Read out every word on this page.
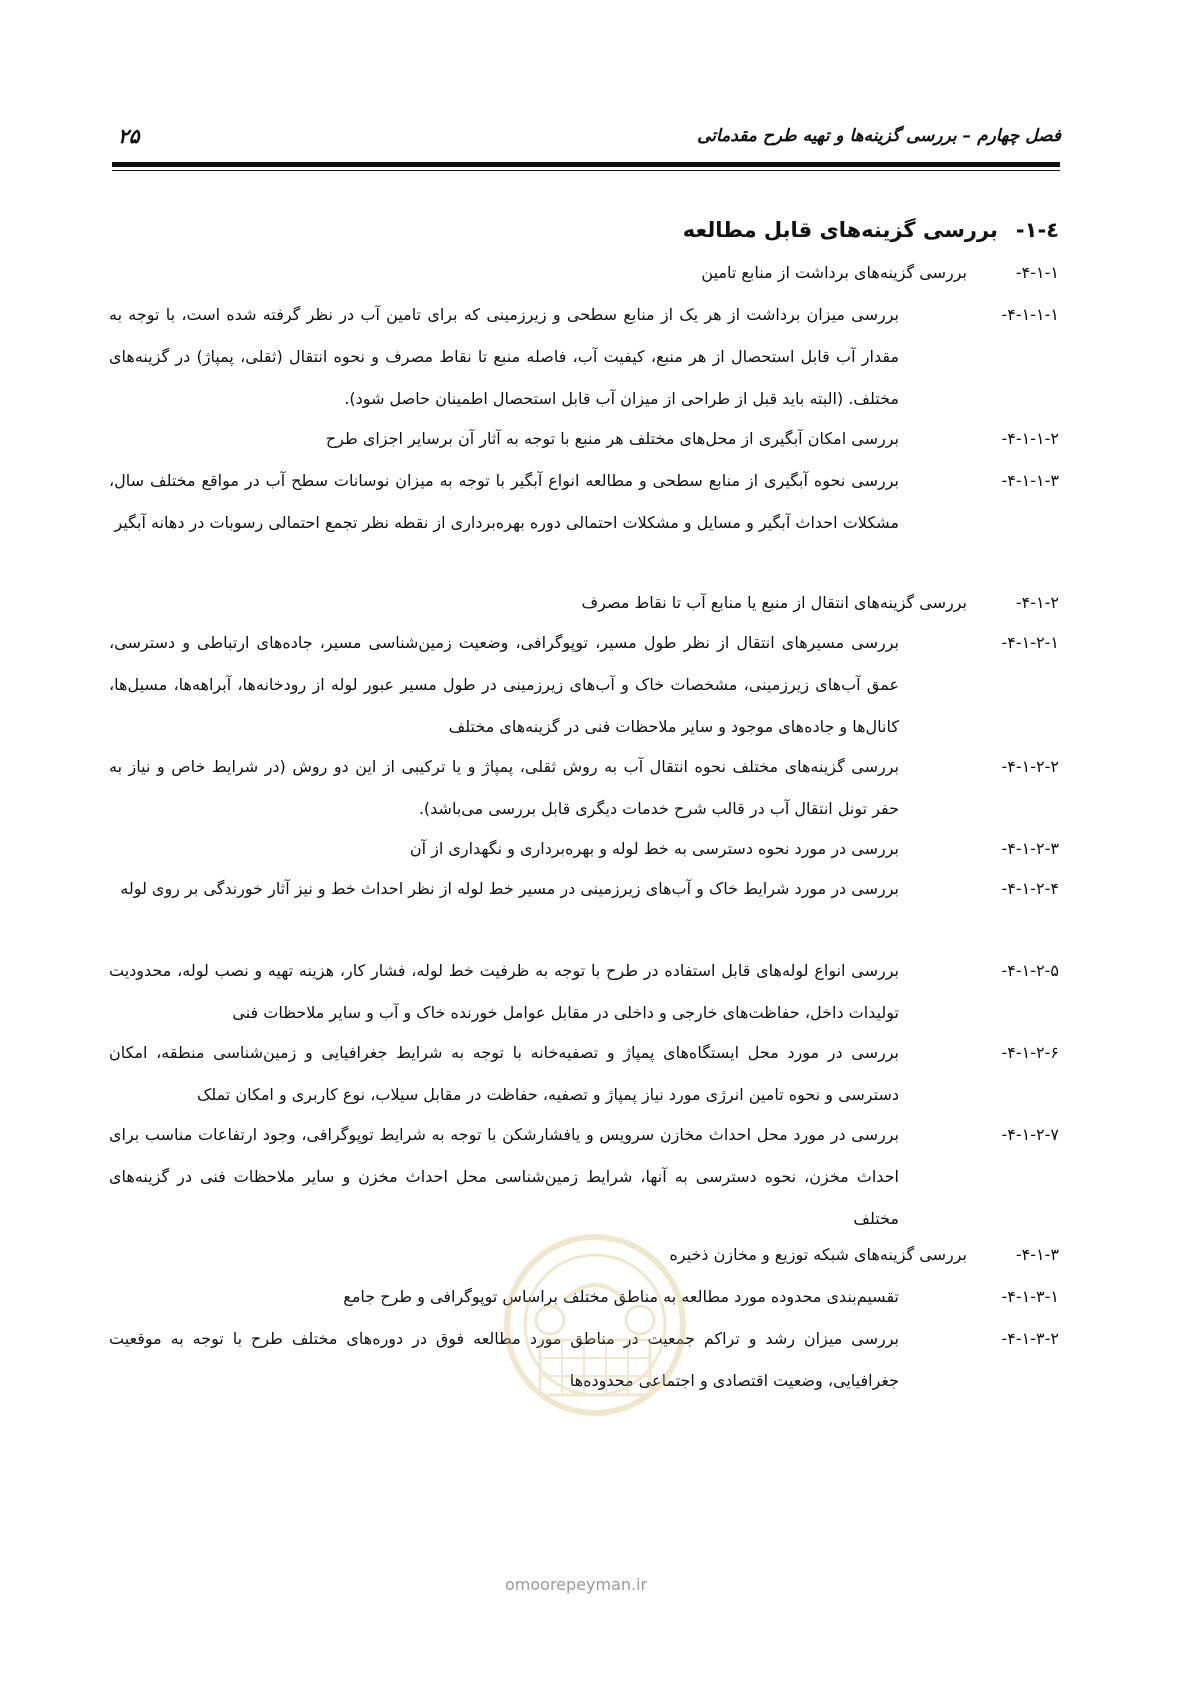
فصل چهارم – بررسی گزینه‌ها و تهیه طرح مقدماتی
۲۵
٤-١-بررسی گزینه‌های قابل مطالعه
۴-۱-۱-
بررسی گزینه‌های برداشت از منابع تامین
۴-۱-۱-۱-
بررسی میزان برداشت از هر یک از منابع سطحی و زیرزمینی که برای تامین آب در نظر گرفته شده است، با توجه به مقدار آب قابل استحصال از هر منبع، کیفیت آب، فاصله منبع تا نقاط مصرف و نحوه انتقال (ثقلی، پمپاژ) در گزینه‌های مختلف. (البته باید قبل از طراحی از میزان آب قابل استحصال اطمینان حاصل شود).
۴-۱-۱-۲-
بررسی امکان آبگیری از محل‌های مختلف هر منبع با توجه به آثار آن برسایر اجزای طرح
۴-۱-۱-۳-
بررسی نحوه آبگیری از منابع سطحی و مطالعه انواع آبگیر با توجه به میزان نوسانات سطح آب در مواقع مختلف سال، مشکلات احداث آبگیر و مسایل و مشکلات احتمالی دوره بهره‌برداری از نقطه نظر تجمع احتمالی رسوبات در دهانه آبگیر
۴-۱-۲-
بررسی گزینه‌های انتقال از منبع یا منابع آب تا نقاط مصرف
۴-۱-۲-۱-
بررسی مسیرهای انتقال از نظر طول مسیر، توپوگرافی، وضعیت زمین‌شناسی مسیر، جاده‌های ارتباطی و دسترسی، عمق آب‌های زیرزمینی، مشخصات خاک و آب‌های زیرزمینی در طول مسیر عبور لوله از رودخانه‌ها، آبراهه‌ها، مسیل‌ها، کانال‌ها و جاده‌های موجود و سایر ملاحظات فنی در گزینه‌های مختلف
۴-۱-۲-۲-
بررسی گزینه‌های مختلف نحوه انتقال آب به روش ثقلی، پمپاژ و یا ترکیبی از این دو روش (در شرایط خاص و نیاز به حفر تونل انتقال آب در قالب شرح خدمات دیگری قابل بررسی می‌باشد).
۴-۱-۲-۳-
بررسی در مورد نحوه دسترسی به خط لوله و بهره‌برداری و نگهداری از آن
۴-۱-۲-۴-
بررسی در مورد شرایط خاک و آب‌های زیرزمینی در مسیر خط لوله از نظر احداث خط و نیز آثار خورندگی بر روی لوله
۴-۱-۲-۵-
بررسی انواع لوله‌های قابل استفاده در طرح با توجه به ظرفیت خط لوله، فشار کار، هزینه تهیه و نصب لوله، محدودیت تولیدات داخل، حفاظت‌های خارجی و داخلی در مقابل عوامل خورنده خاک و آب و سایر ملاحظات فنی
۴-۱-۲-۶-
بررسی در مورد محل ایستگاه‌های پمپاژ و تصفیه‌خانه با توجه به شرایط جغرافیایی و زمین‌شناسی منطقه، امکان دسترسی و نحوه تامین انرژی مورد نیاز پمپاژ و تصفیه، حفاظت در مقابل سیلاب، نوع کاربری و امکان تملک
۴-۱-۲-۷-
بررسی در مورد محل احداث مخازن سرویس و یافشارشکن با توجه به شرایط توپوگرافی، وجود ارتفاعات مناسب برای احداث مخزن، نحوه دسترسی به آنها، شرایط زمین‌شناسی محل احداث مخزن و سایر ملاحظات فنی در گزینه‌های مختلف
۴-۱-۳-
بررسی گزینه‌های شبکه توزیع و مخازن ذخیره
۴-۱-۳-۱-
تقسیم‌بندی محدوده مورد مطالعه به مناطق مختلف براساس توپوگرافی و طرح جامع
۴-۱-۳-۲-
بررسی میزان رشد و تراکم جمعیت در مناطق مورد مطالعه فوق در دوره‌های مختلف طرح با توجه به موقعیت جغرافیایی، وضعیت اقتصادی و اجتماعی محدوده‌ها
omoorepeyman.ir
